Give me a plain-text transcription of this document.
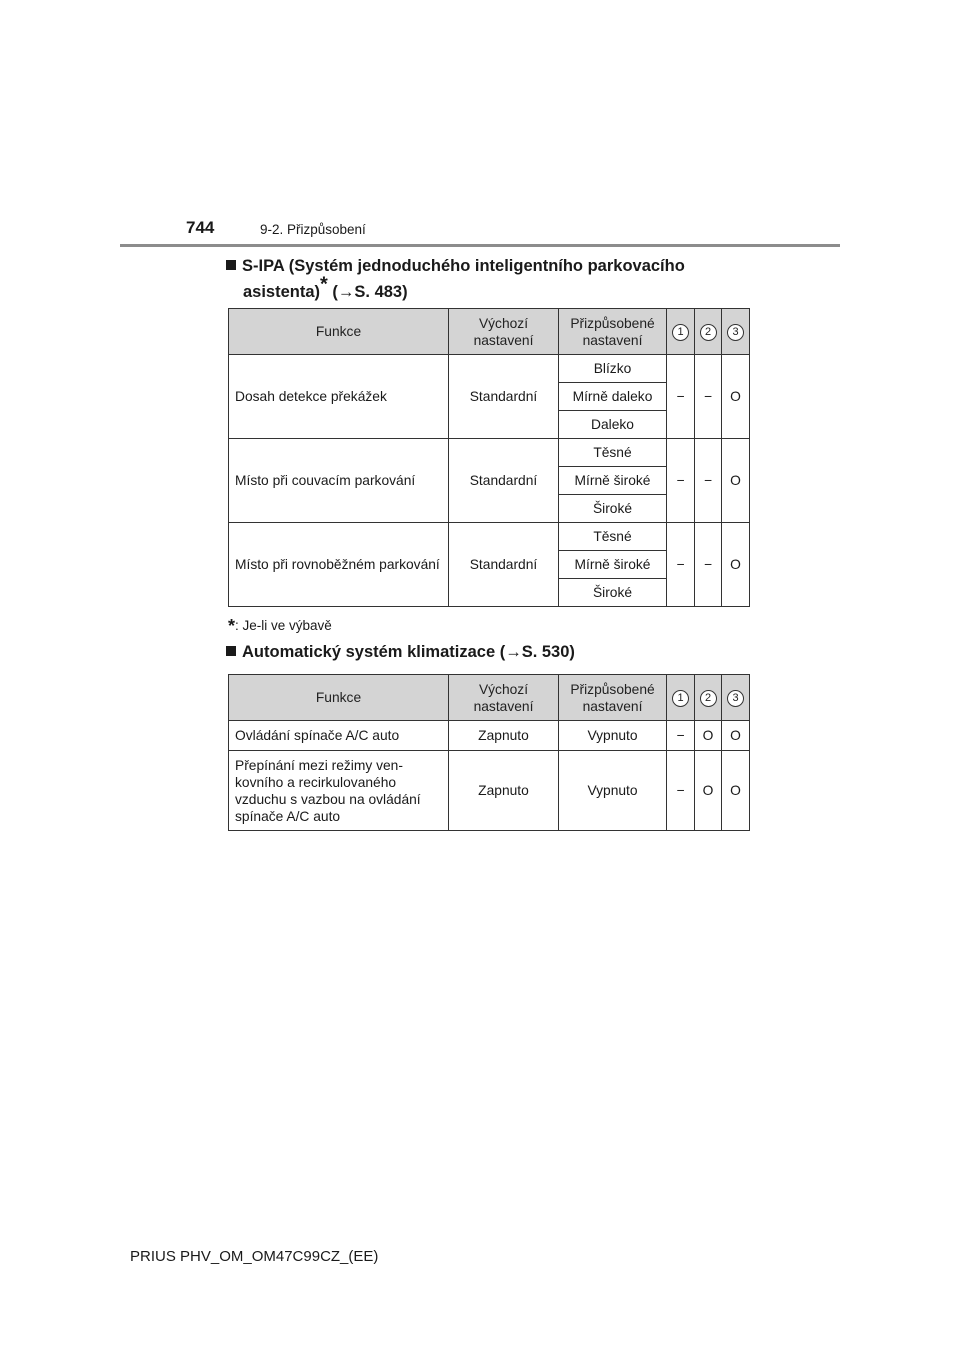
744	9-2. Přizpůsobení
S-IPA (Systém jednoduchého inteligentního parkovacího
asistenta)* (→S. 483)
Funkce	Výchozí nastavení	Přizpůsobené nastavení	1	2	3
Dosah detekce překážek	Standardní	Blízko	−	−	O
		Mírně daleko			
		Daleko			
Místo při couvacím parkování	Standardní	Těsné	−	−	O
		Mírně široké			
		Široké			
Místo při rovnoběžném parkování	Standardní	Těsné	−	−	O
		Mírně široké			
		Široké			
*: Je-li ve výbavě
Automatický systém klimatizace (→S. 530)
Funkce	Výchozí nastavení	Přizpůsobené nastavení	1	2	3
Ovládání spínače A/C auto	Zapnuto	Vypnuto	−	O	O
Přepínání mezi režimy ven-kovního a recirkulovaného vzduchu s vazbou na ovládání spínače A/C auto	Zapnuto	Vypnuto	−	O	O
PRIUS PHV_OM_OM47C99CZ_(EE)
